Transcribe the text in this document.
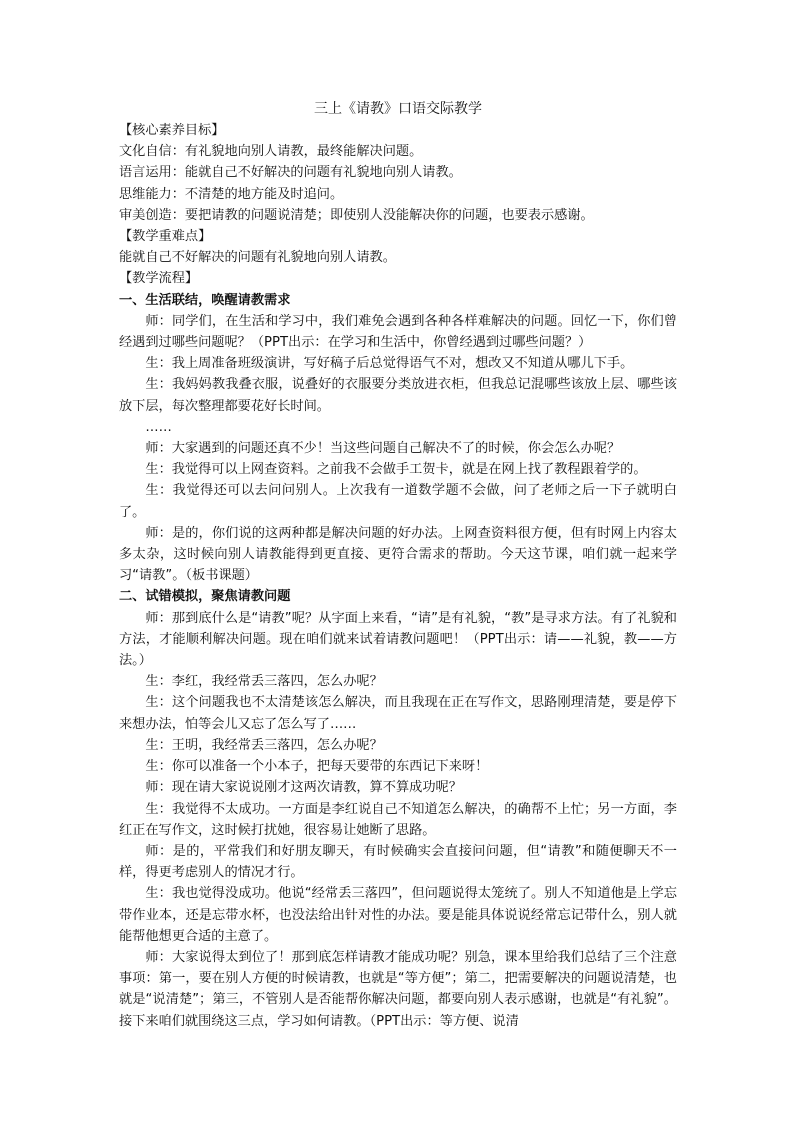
三上《请教》口语交际教学

【核心素养目标】

文化自信：有礼貌地向别人请教，最终能解决问题。

语言运用：能就自己不好解决的问题有礼貌地向别人请教。

思维能力：不清楚的地方能及时追问。

审美创造：要把请教的问题说清楚；即使别人没能解决你的问题，也要表示感谢。

【教学重难点】

能就自己不好解决的问题有礼貌地向别人请教。

【教学流程】

一、生活联结，唤醒请教需求

师：同学们，在生活和学习中，我们难免会遇到各种各样难解决的问题。回忆一下，你们曾经遇到过哪些问题呢？（PPT出示：在学习和生活中，你曾经遇到过哪些问题？）

生：我上周准备班级演讲，写好稿子后总觉得语气不对，想改又不知道从哪儿下手。

生：我妈妈教我叠衣服，说叠好的衣服要分类放进衣柜，但我总记混哪些该放上层、哪些该放下层，每次整理都要花好长时间。

……

师：大家遇到的问题还真不少！当这些问题自己解决不了的时候，你会怎么办呢？

生：我觉得可以上网查资料。之前我不会做手工贺卡，就是在网上找了教程跟着学的。

生：我觉得还可以去问问别人。上次我有一道数学题不会做，问了老师之后一下子就明白了。

师：是的，你们说的这两种都是解决问题的好办法。上网查资料很方便，但有时网上内容太多太杂，这时候向别人请教能得到更直接、更符合需求的帮助。今天这节课，咱们就一起来学习“请教”。（板书课题）

二、试错模拟，聚焦请教问题

师：那到底什么是“请教”呢？从字面上来看，“请”是有礼貌，“教”是寻求方法。有了礼貌和方法，才能顺利解决问题。现在咱们就来试着请教问题吧！（PPT出示：请——礼貌，教——方法。）

生：李红，我经常丢三落四，怎么办呢？

生：这个问题我也不太清楚该怎么解决，而且我现在正在写作文，思路刚理清楚，要是停下来想办法，怕等会儿又忘了怎么写了……

生：王明，我经常丢三落四，怎么办呢？

生：你可以准备一个小本子，把每天要带的东西记下来呀！

师：现在请大家说说刚才这两次请教，算不算成功呢？

生：我觉得不太成功。一方面是李红说自己不知道怎么解决，的确帮不上忙；另一方面，李红正在写作文，这时候打扰她，很容易让她断了思路。

师：是的，平常我们和好朋友聊天，有时候确实会直接问问题，但“请教”和随便聊天不一样，得更考虑别人的情况才行。

生：我也觉得没成功。他说“经常丢三落四”，但问题说得太笼统了。别人不知道他是上学忘带作业本，还是忘带水杯，也没法给出针对性的办法。要是能具体说说经常忘记带什么，别人就能帮他想更合适的主意了。

师：大家说得太到位了！那到底怎样请教才能成功呢？别急，课本里给我们总结了三个注意事项：第一，要在别人方便的时候请教，也就是“等方便”；第二，把需要解决的问题说清楚，也就是“说清楚”；第三，不管别人是否能帮你解决问题，都要向别人表示感谢，也就是“有礼貌”。接下来咱们就围绕这三点，学习如何请教。（PPT出示：等方便、说清
